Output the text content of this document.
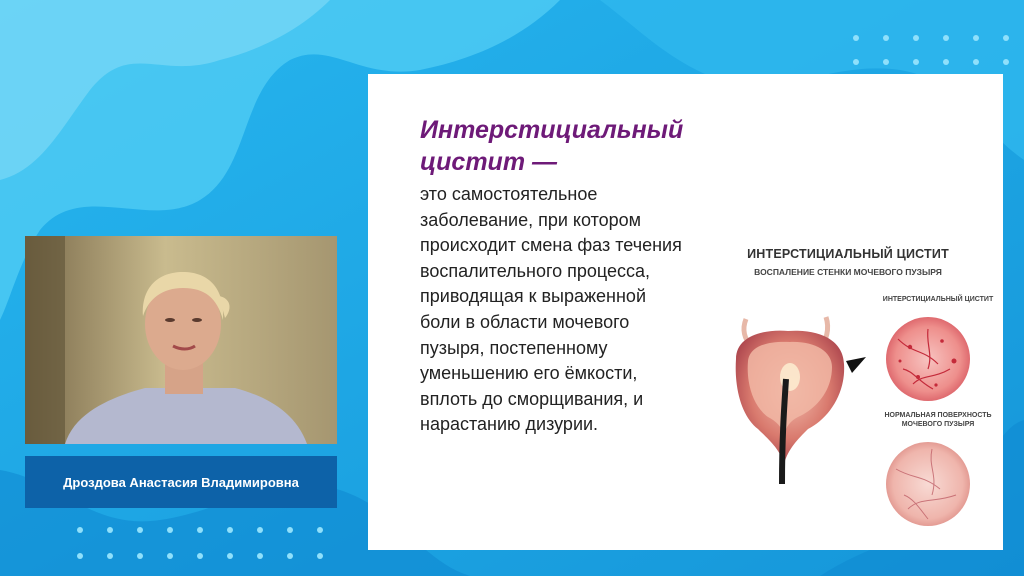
Интерстициальный
цистит —

это самостоятельное
заболевание, при котором
происходит смена фаз течения
воспалительного процесса,
приводящая к выраженной
боли в области мочевого
пузыря, постепенному
уменьшению его ёмкости,
вплоть до сморщивания, и
нарастанию дизурии.

ИНТЕРСТИЦИАЛЬНЫЙ ЦИСТИТ
ВОСПАЛЕНИЕ СТЕНКИ МОЧЕВОГО ПУЗЫРЯ
ИНТЕРСТИЦИАЛЬНЫЙ ЦИСТИТ
НОРМАЛЬНАЯ ПОВЕРХНОСТЬ
МОЧЕВОГО ПУЗЫРЯ
Дроздова Анастасия Владимировна
